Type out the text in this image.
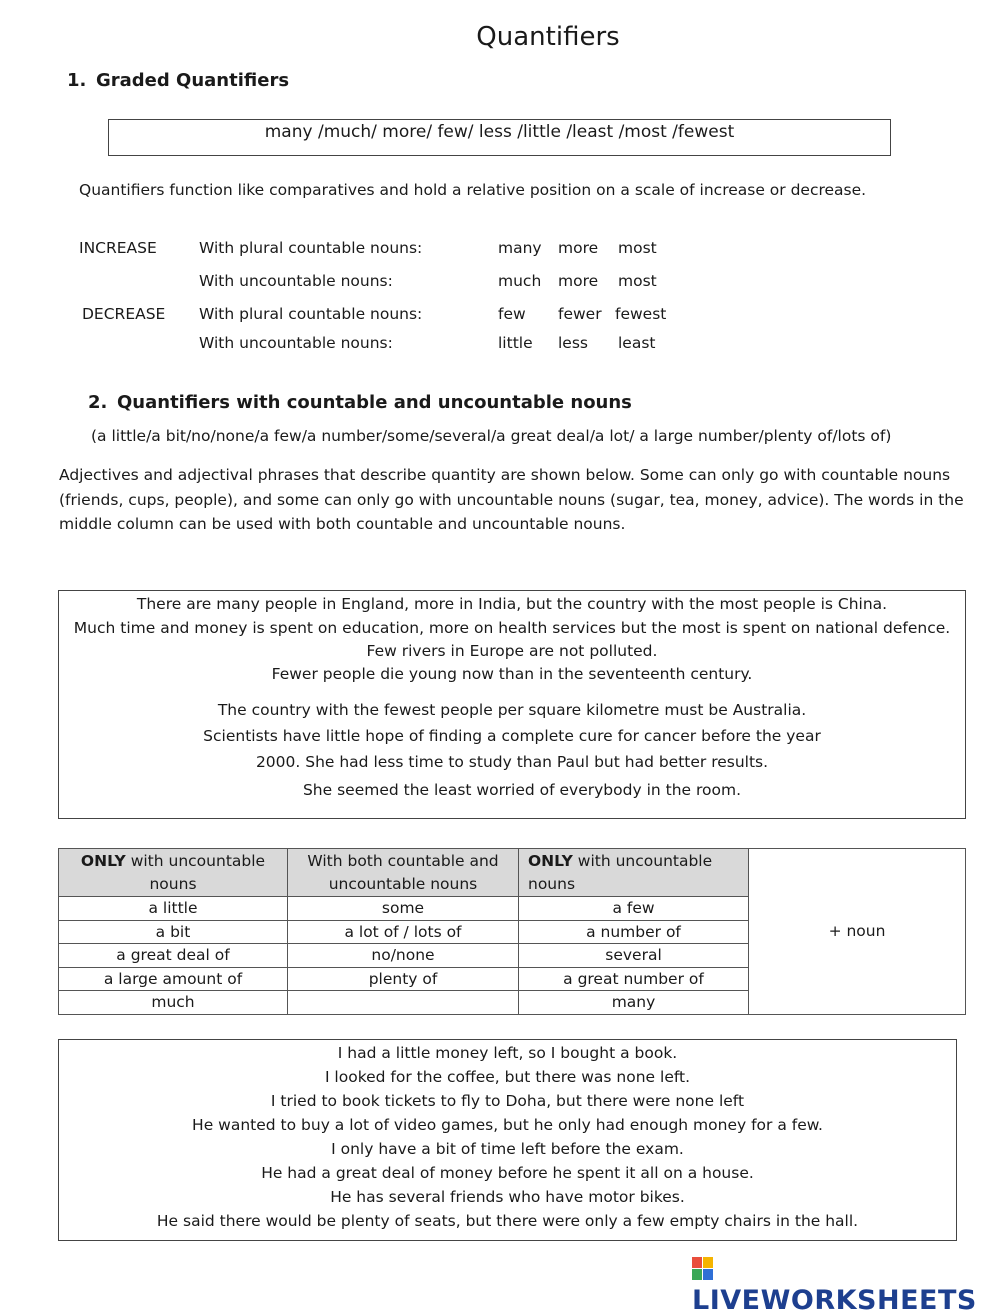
Quantifiers
1. Graded Quantifiers
many /much/ more/ few/ less /little /least /most /fewest
Quantifiers function like comparatives and hold a relative position on a scale of increase or decrease.
INCREASE	With plural countable nouns:	many more most
With uncountable nouns:	much more most
DECREASE With plural countable nouns:	few fewer fewest
With uncountable nouns:	little less least
2. Quantifiers with countable and uncountable nouns
(a little/a bit/no/none/a few/a number/some/several/a great deal/a lot/ a large number/plenty of/lots of)
Adjectives and adjectival phrases that describe quantity are shown below. Some can only go with countable nouns
(friends, cups, people), and some can only go with uncountable nouns (sugar, tea, money, advice). The words in the
middle column can be used with both countable and uncountable nouns.
There are many people in England, more in India, but the country with the most people is China.
Much time and money is spent on education, more on health services but the most is spent on national defence.
Few rivers in Europe are not polluted.
Fewer people die young now than in the seventeenth century.
The country with the fewest people per square kilometre must be Australia.
Scientists have little hope of finding a complete cure for cancer before the year
2000. She had less time to study than Paul but had better results.
She seemed the least worried of everybody in the room.
ONLY with uncountable nouns	With both countable and uncountable nouns	ONLY with uncountable nouns	+ noun
a little	some	a few	
a bit	a lot of / lots of	a number of	
a great deal of	no/none	several	
a large amount of	plenty of	a great number of	
much		many	
I had a little money left, so I bought a book.
I looked for the coffee, but there was none left.
I tried to book tickets to fly to Doha, but there were none left
He wanted to buy a lot of video games, but he only had enough money for a few.
I only have a bit of time left before the exam.
He had a great deal of money before he spent it all on a house.
He has several friends who have motor bikes.
He said there would be plenty of seats, but there were only a few empty chairs in the hall.
LIVEWORKSHEETS
